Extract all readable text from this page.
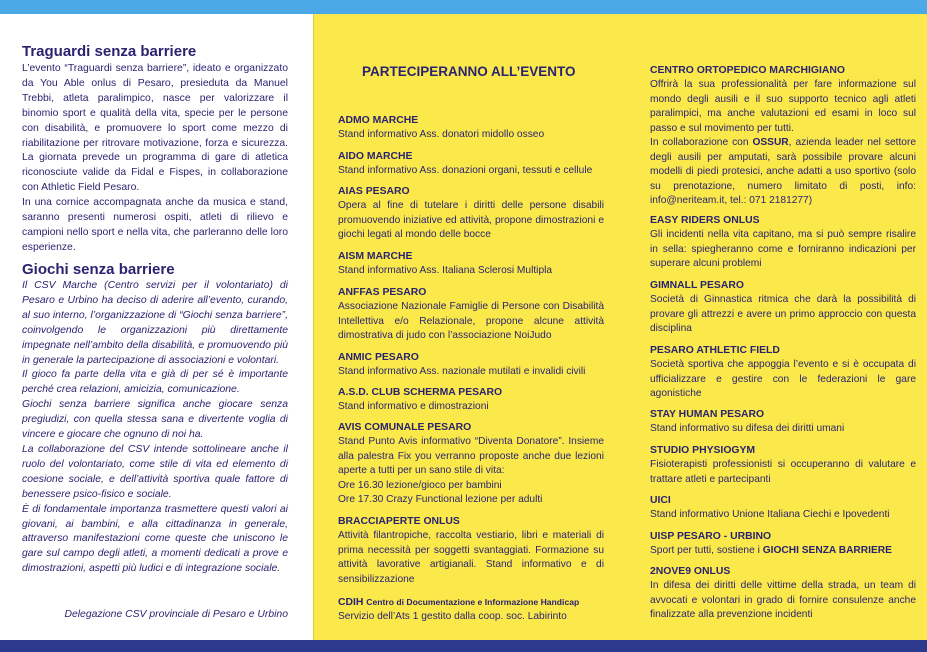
Traguardi senza barriere

L’evento “Traguardi senza barriere”, ideato e organizzato da You Able onlus di Pesaro, presieduta da Manuel Trebbi, atleta paralimpico, nasce per valorizzare il binomio sport e qualità della vita, specie per le persone con disabilità, e promuovere lo sport come mezzo di riabilitazione per ritrovare motivazione, forza e sicurezza. La giornata prevede un programma di gare di atletica riconosciute valide da Fidal e Fispes, in collaborazione con Athletic Field Pesaro.

In una cornice accompagnata anche da musica e stand, saranno presenti numerosi ospiti, atleti di rilievo e campioni nello sport e nella vita, che parleranno delle loro esperienze.

Giochi senza barriere

Il CSV Marche (Centro servizi per il volontariato) di Pesaro e Urbino ha deciso di aderire all’evento, curando, al suo interno, l’organizzazione di “Giochi senza barriere”, coinvolgendo le organizzazioni più direttamente impegnate nell’ambito della disabilità, e promuovendo più in generale la partecipazione di associazioni e volontari.

Il gioco fa parte della vita e già di per sé è importante perché crea relazioni, amicizia, comunicazione.

Giochi senza barriere significa anche giocare senza pregiudizi, con quella stessa sana e divertente voglia di vincere e giocare che ognuno di noi ha.

La collaborazione del CSV intende sottolineare anche il ruolo del volontariato, come stile di vita ed elemento di coesione sociale, e dell’attività sportiva quale fattore di benessere psico-fisico e sociale.

È di fondamentale importanza trasmettere questi valori ai giovani, ai bambini, e alla cittadinanza in generale, attraverso manifestazioni come queste che uniscono le gare sul campo degli atleti, a momenti dedicati a prove e dimostrazioni, aspetti più ludici e di integrazione sociale.

Delegazione CSV provinciale di Pesaro e Urbino
PARTECIPERANNO ALL’EVENTO
ADMO MARCHE
Stand informativo Ass. donatori midollo osseo
AIDO MARCHE
Stand informativo Ass. donazioni organi, tessuti e cellule
AIAS PESARO
Opera al fine di tutelare i diritti delle persone disabili promuovendo iniziative ed attività, propone dimostrazioni e giochi legati al mondo delle bocce
AISM MARCHE
Stand informativo Ass. Italiana Sclerosi Multipla
ANFFAS PESARO
Associazione Nazionale Famiglie di Persone con Disabilità Intellettiva e/o Relazionale, propone alcune attività dimostrativa di judo con l’associazione NoiJudo
ANMIC PESARO
Stand informativo Ass. nazionale mutilati e invalidi civili
A.S.D. CLUB SCHERMA PESARO
Stand informativo e dimostrazioni
AVIS COMUNALE PESARO
Stand Punto Avis informativo “Diventa Donatore”. Insieme alla palestra Fix you verranno proposte anche due lezioni aperte a tutti per un sano stile di vita:
Ore 16.30 lezione/gioco per bambini
Ore 17.30 Crazy Functional lezione per adulti
BRACCIAPERTE ONLUS
Attività filantropiche, raccolta vestiario, libri e materiali di prima necessità per soggetti svantaggiati. Formazione su attività lavorative artigianali. Stand informativo e di sensibilizzazione
CDIH Centro di Documentazione e Informazione Handicap
Servizio dell’Ats 1 gestito dalla coop. soc. Labirinto
CENTRO ORTOPEDICO MARCHIGIANO
Offrirà la sua professionalità per fare informazione sul mondo degli ausili e il suo supporto tecnico agli atleti paralimpici, ma anche valutazioni ed esami in loco sul passo e sul movimento per tutti.
In collaborazione con OSSUR, azienda leader nel settore degli ausili per amputati, sarà possibile provare alcuni modelli di piedi protesici, anche adatti a uso sportivo (solo su prenotazione, numero limitato di posti, info: info@neriteam.it, tel.: 071 2181277)
EASY RIDERS ONLUS
Gli incidenti nella vita capitano, ma si può sempre risalire in sella: spiegheranno come e forniranno indicazioni per superare alcuni problemi
GIMNALL PESARO
Società di Ginnastica ritmica che darà la possibilità di provare gli attrezzi e avere un primo approccio con questa disciplina
PESARO ATHLETIC FIELD
Società sportiva che appoggia l’evento e si è occupata di ufficializzare e gestire con le federazioni le gare agonistiche
STAY HUMAN PESARO
Stand informativo su difesa dei diritti umani
STUDIO PHYSIOGYM
Fisioterapisti professionisti si occuperanno di valutare e trattare atleti e partecipanti
UICI
Stand informativo Unione Italiana Ciechi e Ipovedenti
UISP PESARO - URBINO
Sport per tutti, sostiene i GIOCHI SENZA BARRIERE
2NOVE9 ONLUS
In difesa dei diritti delle vittime della strada, un team di avvocati e volontari in grado di fornire consulenze anche finalizzate alla prevenzione incidenti
